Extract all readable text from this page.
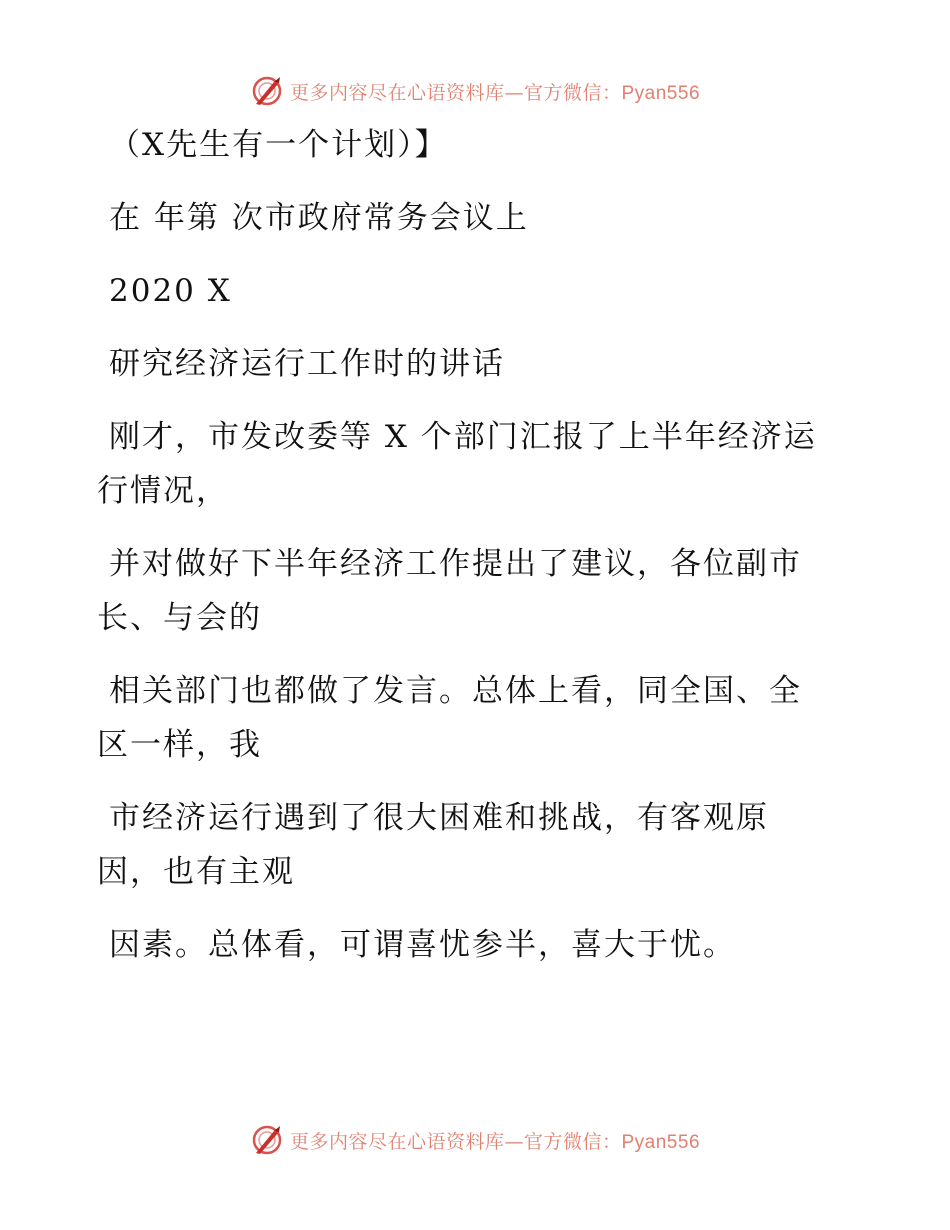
更多内容尽在心语资料库—官方微信：Pyan556

（X先生有一个计划）】

在 年第 次市政府常务会议上

2020 X

研究经济运行工作时的讲话

刚才，市发改委等 X 个部门汇报了上半年经济运

行情况，

并对做好下半年经济工作提出了建议，各位副市

长、与会的

相关部门也都做了发言。总体上看，同全国、全

区一样，我

市经济运行遇到了很大困难和挑战，有客观原

因，也有主观

因素。总体看，可谓喜忧参半，喜大于忧。

更多内容尽在心语资料库—官方微信：Pyan556
